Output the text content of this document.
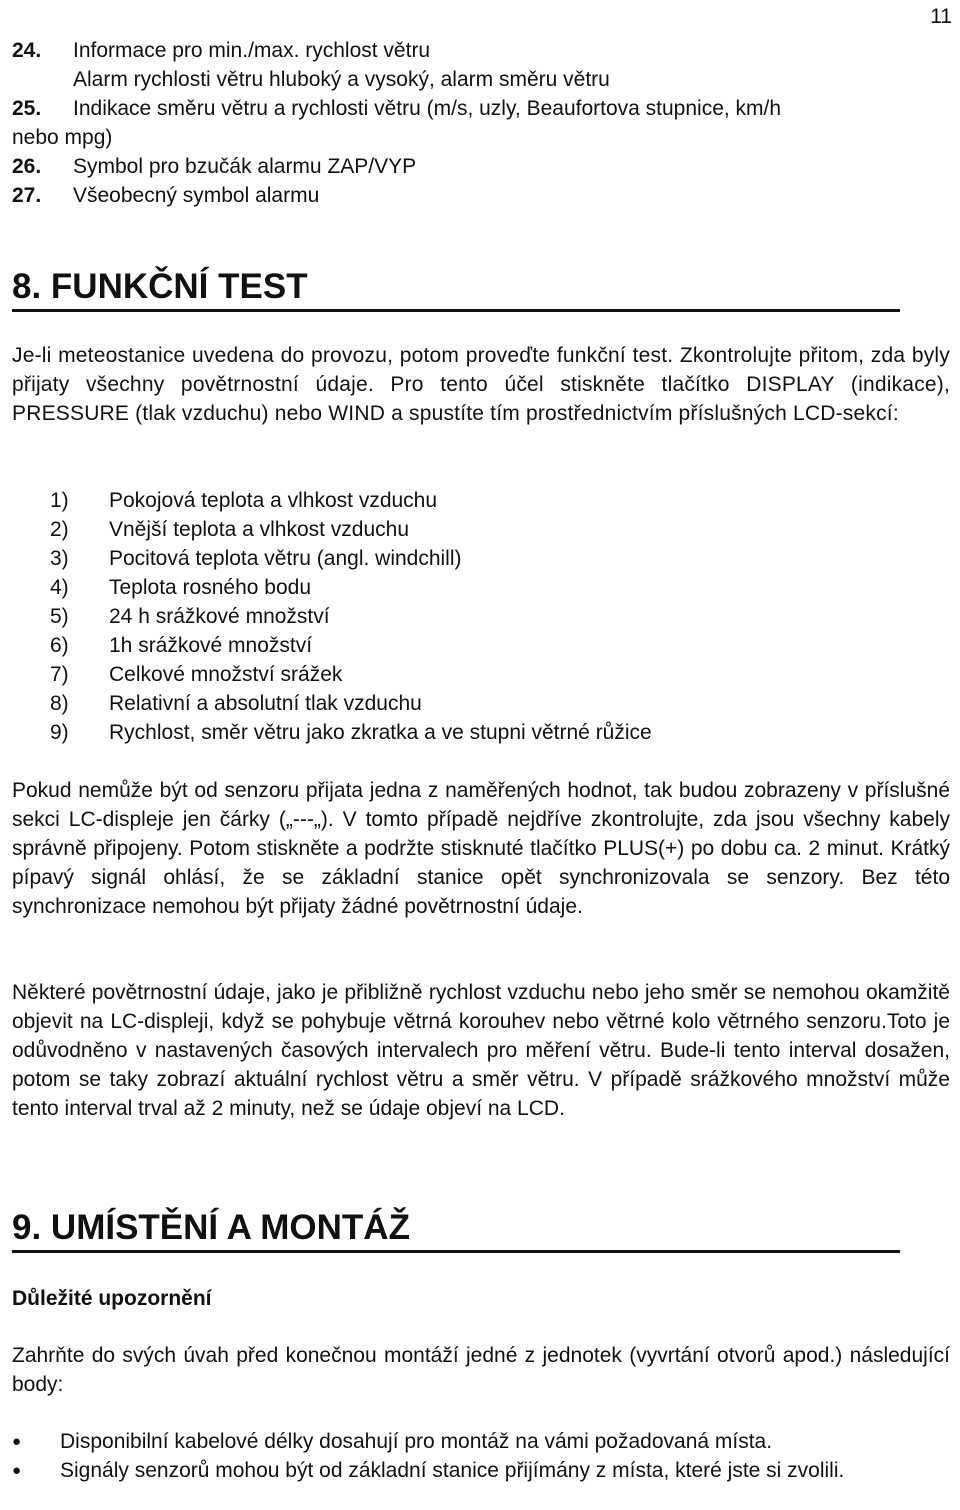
11
24.	Informace pro min./max. rychlost větru
Alarm rychlosti větru hluboký a vysoký, alarm směru větru
25.	Indikace směru větru a rychlosti větru (m/s, uzly, Beaufortova stupnice, km/h
nebo mpg)
26.	Symbol pro bzučák alarmu ZAP/VYP
27.	Všeobecný symbol alarmu
8. FUNKČNÍ TEST
Je-li meteostanice uvedena do provozu, potom proveďte funkční test. Zkontrolujte přitom, zda byly přijaty všechny povětrnostní údaje. Pro tento účel stiskněte tlačítko DISPLAY (indikace), PRESSURE (tlak vzduchu) nebo WIND a spustíte tím prostřednictvím příslušných LCD-sekcí:
1)	Pokojová teplota a vlhkost vzduchu
2)	Vnější teplota a vlhkost vzduchu
3)	Pocitová teplota větru (angl. windchill)
4)	Teplota rosného bodu
5)	24 h srážkové množství
6)	1h srážkové množství
7)	Celkové množství srážek
8)	Relativní a absolutní tlak vzduchu
9)	Rychlost, směr větru jako zkratka a ve stupni větrné růžice
Pokud nemůže být od senzoru přijata jedna z naměřených hodnot, tak budou zobrazeny v příslušné sekci LC-displeje jen čárky („---„). V tomto případě nejdříve zkontrolujte, zda jsou všechny kabely správně připojeny. Potom stiskněte a podržte stisknuté tlačítko PLUS(+) po dobu ca. 2 minut. Krátký pípavý signál ohlásí, že se základní stanice opět synchronizovala se senzory. Bez této synchronizace nemohou být přijaty žádné povětrnostní údaje.
Některé povětrnostní údaje, jako je přibližně rychlost vzduchu nebo jeho směr se nemohou okamžitě objevit na LC-displeji, když se pohybuje větrná korouhev nebo větrné kolo větrného senzoru.Toto je odůvodněno v nastavených časových intervalech pro měření větru. Bude-li tento interval dosažen, potom se taky zobrazí aktuální rychlost větru a směr větru. V případě srážkového množství může tento interval trval až 2 minuty, než se údaje objeví na LCD.
9. UMÍSTĚNÍ A MONTÁŽ
Důležité upozornění
Zahrňte do svých úvah před konečnou montáží jedné z jednotek (vyvrtání otvorů apod.) následující body:
●	Disponibilní kabelové délky dosahují pro montáž na vámi požadovaná místa.
●	Signály senzorů mohou být od základní stanice přijímány z místa, které jste si zvolili.
